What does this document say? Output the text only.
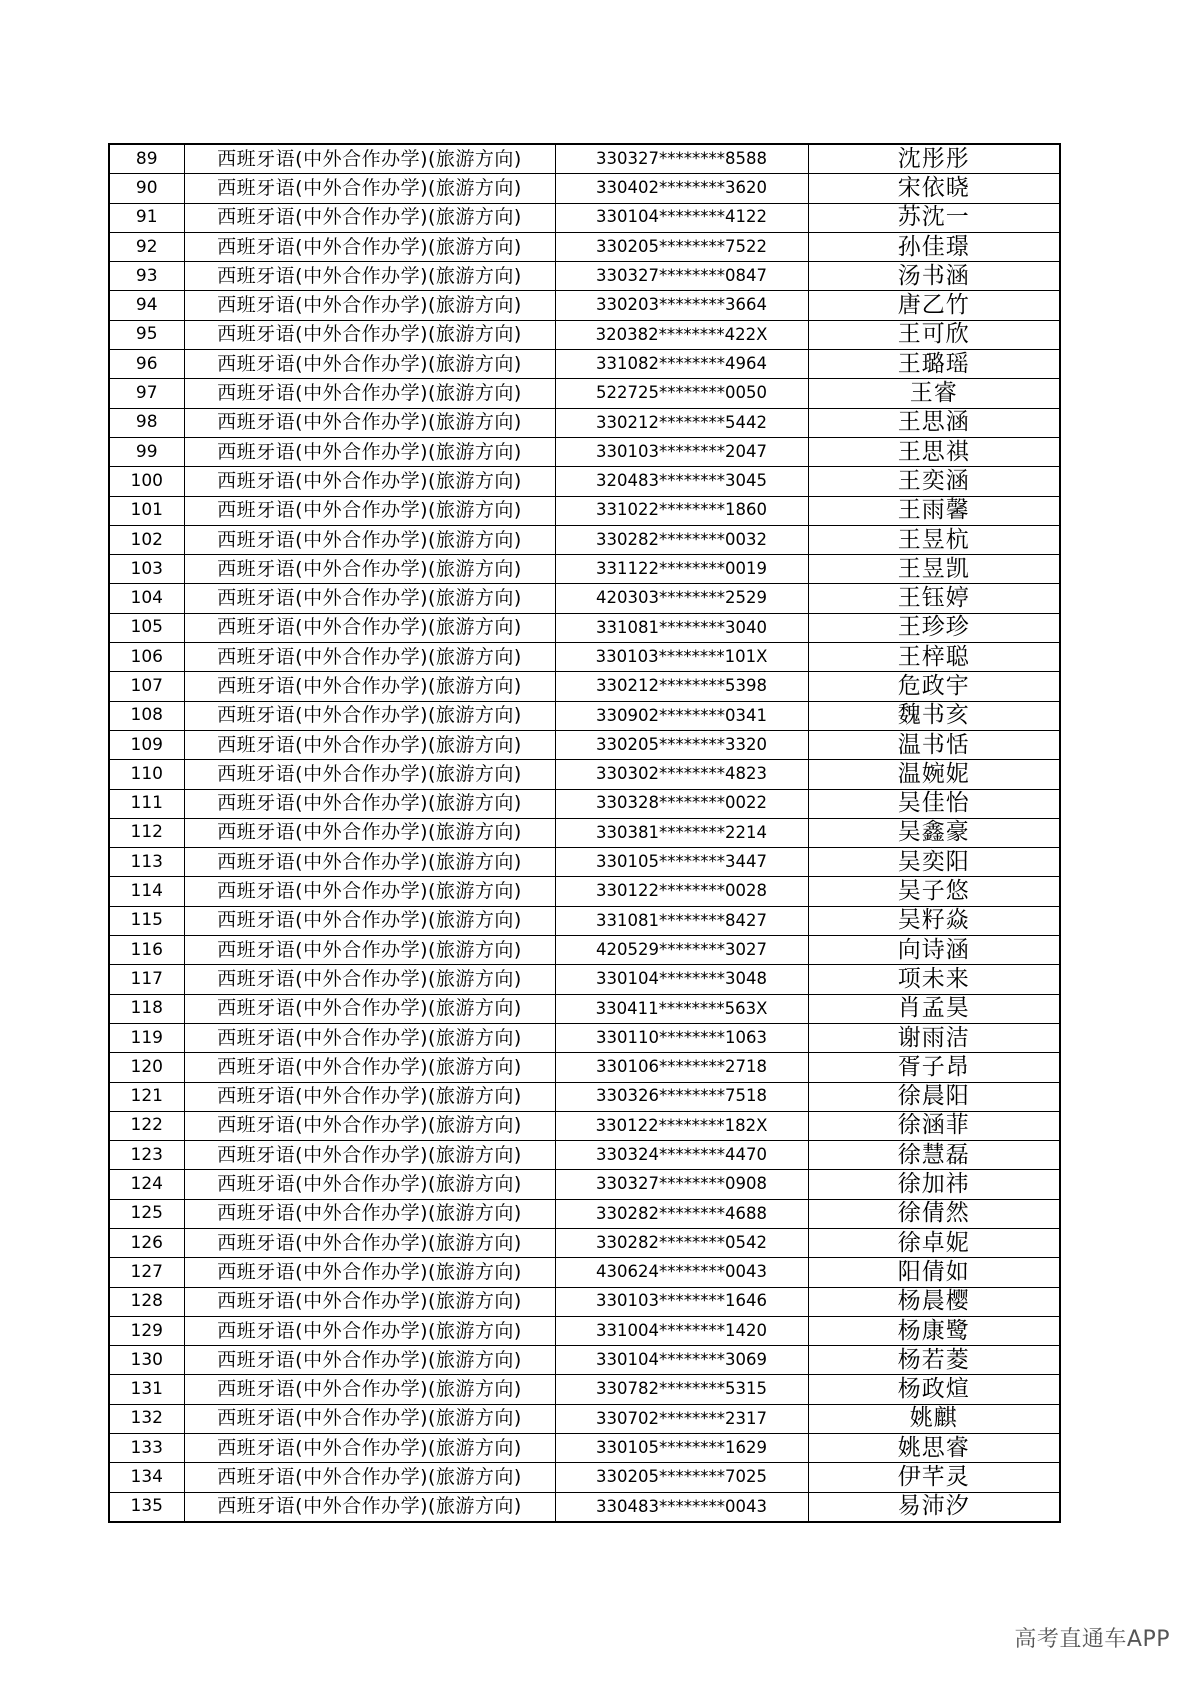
89	西班牙语(中外合作办学)(旅游方向)	330327********8588	沈彤彤
90	西班牙语(中外合作办学)(旅游方向)	330402********3620	宋依晓
91	西班牙语(中外合作办学)(旅游方向)	330104********4122	苏沈一
92	西班牙语(中外合作办学)(旅游方向)	330205********7522	孙佳璟
93	西班牙语(中外合作办学)(旅游方向)	330327********0847	汤书涵
94	西班牙语(中外合作办学)(旅游方向)	330203********3664	唐乙竹
95	西班牙语(中外合作办学)(旅游方向)	320382********422X	王可欣
96	西班牙语(中外合作办学)(旅游方向)	331082********4964	王璐瑶
97	西班牙语(中外合作办学)(旅游方向)	522725********0050	王睿
98	西班牙语(中外合作办学)(旅游方向)	330212********5442	王思涵
99	西班牙语(中外合作办学)(旅游方向)	330103********2047	王思祺
100	西班牙语(中外合作办学)(旅游方向)	320483********3045	王奕涵
101	西班牙语(中外合作办学)(旅游方向)	331022********1860	王雨馨
102	西班牙语(中外合作办学)(旅游方向)	330282********0032	王昱杭
103	西班牙语(中外合作办学)(旅游方向)	331122********0019	王昱凯
104	西班牙语(中外合作办学)(旅游方向)	420303********2529	王钰婷
105	西班牙语(中外合作办学)(旅游方向)	331081********3040	王珍珍
106	西班牙语(中外合作办学)(旅游方向)	330103********101X	王梓聪
107	西班牙语(中外合作办学)(旅游方向)	330212********5398	危政宇
108	西班牙语(中外合作办学)(旅游方向)	330902********0341	魏书亥
109	西班牙语(中外合作办学)(旅游方向)	330205********3320	温书恬
110	西班牙语(中外合作办学)(旅游方向)	330302********4823	温婉妮
111	西班牙语(中外合作办学)(旅游方向)	330328********0022	吴佳怡
112	西班牙语(中外合作办学)(旅游方向)	330381********2214	吴鑫豪
113	西班牙语(中外合作办学)(旅游方向)	330105********3447	吴奕阳
114	西班牙语(中外合作办学)(旅游方向)	330122********0028	吴子悠
115	西班牙语(中外合作办学)(旅游方向)	331081********8427	吴籽焱
116	西班牙语(中外合作办学)(旅游方向)	420529********3027	向诗涵
117	西班牙语(中外合作办学)(旅游方向)	330104********3048	项未来
118	西班牙语(中外合作办学)(旅游方向)	330411********563X	肖孟昊
119	西班牙语(中外合作办学)(旅游方向)	330110********1063	谢雨洁
120	西班牙语(中外合作办学)(旅游方向)	330106********2718	胥子昂
121	西班牙语(中外合作办学)(旅游方向)	330326********7518	徐晨阳
122	西班牙语(中外合作办学)(旅游方向)	330122********182X	徐涵菲
123	西班牙语(中外合作办学)(旅游方向)	330324********4470	徐慧磊
124	西班牙语(中外合作办学)(旅游方向)	330327********0908	徐加祎
125	西班牙语(中外合作办学)(旅游方向)	330282********4688	徐倩然
126	西班牙语(中外合作办学)(旅游方向)	330282********0542	徐卓妮
127	西班牙语(中外合作办学)(旅游方向)	430624********0043	阳倩如
128	西班牙语(中外合作办学)(旅游方向)	330103********1646	杨晨樱
129	西班牙语(中外合作办学)(旅游方向)	331004********1420	杨康鹭
130	西班牙语(中外合作办学)(旅游方向)	330104********3069	杨若菱
131	西班牙语(中外合作办学)(旅游方向)	330782********5315	杨政煊
132	西班牙语(中外合作办学)(旅游方向)	330702********2317	姚麒
133	西班牙语(中外合作办学)(旅游方向)	330105********1629	姚思睿
134	西班牙语(中外合作办学)(旅游方向)	330205********7025	伊芊灵
135	西班牙语(中外合作办学)(旅游方向)	330483********0043	易沛汐
高考直通车APP
